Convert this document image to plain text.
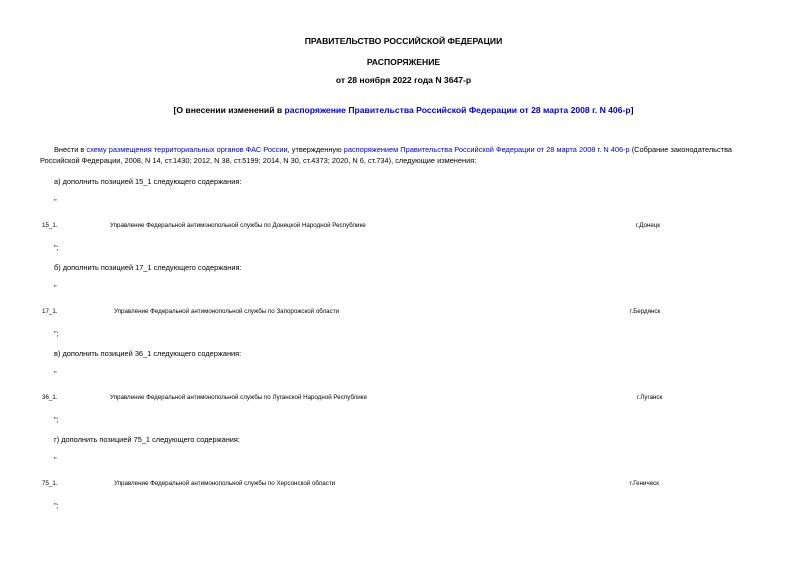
ПРАВИТЕЛЬСТВО РОССИЙСКОЙ ФЕДЕРАЦИИ
РАСПОРЯЖЕНИЕ
от 28 ноября 2022 года N 3647-р
[О внесении изменений в распоряжение Правительства Российской Федерации от 28 марта 2008 г. N 406-р]
Внести в схему размещения территориальных органов ФАС России, утвержденную распоряжением Правительства Российской Федерации от 28 марта 2008 г. N 406-р (Собрание законодательства Российской Федерации, 2008, N 14, ст.1430; 2012, N 38, ст.5199; 2014, N 30, ст.4373; 2020, N 6, ст.734), следующие изменения:
а) дополнить позицией 15_1 следующего содержания:
"
15_1.	Управление Федеральной антимонопольной службы по Донецкой Народной Республике	г.Донецк
";
б) дополнить позицией 17_1 следующего содержания:
"
17_1.	Управление Федеральной антимонопольной службы по Запорожской области	г.Бердянск
";
в) дополнить позицией 36_1 следующего содержания:
"
36_1.	Управление Федеральной антимонопольной службы по Луганской Народной Республике	г.Луганск
";
г) дополнить позицией 75_1 следующего содержания:
"
75_1.	Управление Федеральной антимонопольной службы по Херсонской области	г.Геническ
";
